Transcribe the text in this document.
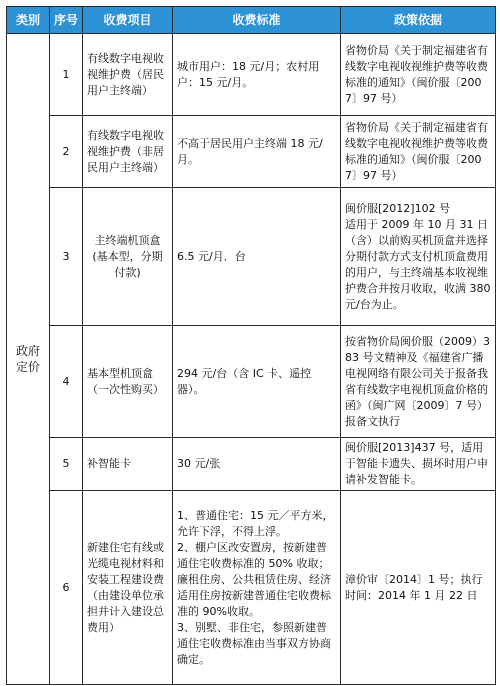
类别	序号	收费项目	收费标准	政策依据
政府
定价	1	有线数字电视收视维护费（居民用户主终端）	城市用户：18 元/月；农村用户：15 元/月。	省物价局《关于制定福建省有线数字电视收视维护费等收费标准的通知》（闽价服〔2007〕97 号）
	2	有线数字电视收视维护费（非居民用户主终端）	不高于居民用户主终端 18 元/月。	省物价局《关于制定福建省有线数字电视收视维护费等收费标准的通知》（闽价服〔2007〕97 号）
	3	主终端机顶盒(基本型，分期付款)	6.5 元/月．台	闽价服[2012]102 号
适用于 2009 年 10 月 31 日（含）以前购买机顶盒并选择分期付款方式支付机顶盒费用的用户，与主终端基本收视维护费合并按月收取，收满 380 元/台为止。
	4	基本型机顶盒（一次性购买）	294 元/台（含 IC 卡、遥控器）。	按省物价局闽价服（2009）383 号文精神及《福建省广播电视网络有限公司关于报备我省有线数字电视机顶盒价格的函》（闽广网〔2009〕7 号）报备文执行
	5	补智能卡	30 元/张	闽价服[2013]437 号，适用于智能卡遗失、损坏时用户申请补发智能卡。
	6	新建住宅有线或光缆电视材料和安装工程建设费（由建设单位承担并计入建设总费用）	1、普通住宅：15 元／平方米，允许下浮，不得上浮。
2、棚户区改安置房，按新建普通住宅收费标准的 50% 收取；廉租住房、公共租赁住房、经济适用住房按新建普通住宅收费标准的 90%收取。
3、别墅、非住宅，参照新建普通住宅收费标准由当事双方协商确定。	漳价审〔2014〕1 号；执行时间：2014 年 1 月 22 日
